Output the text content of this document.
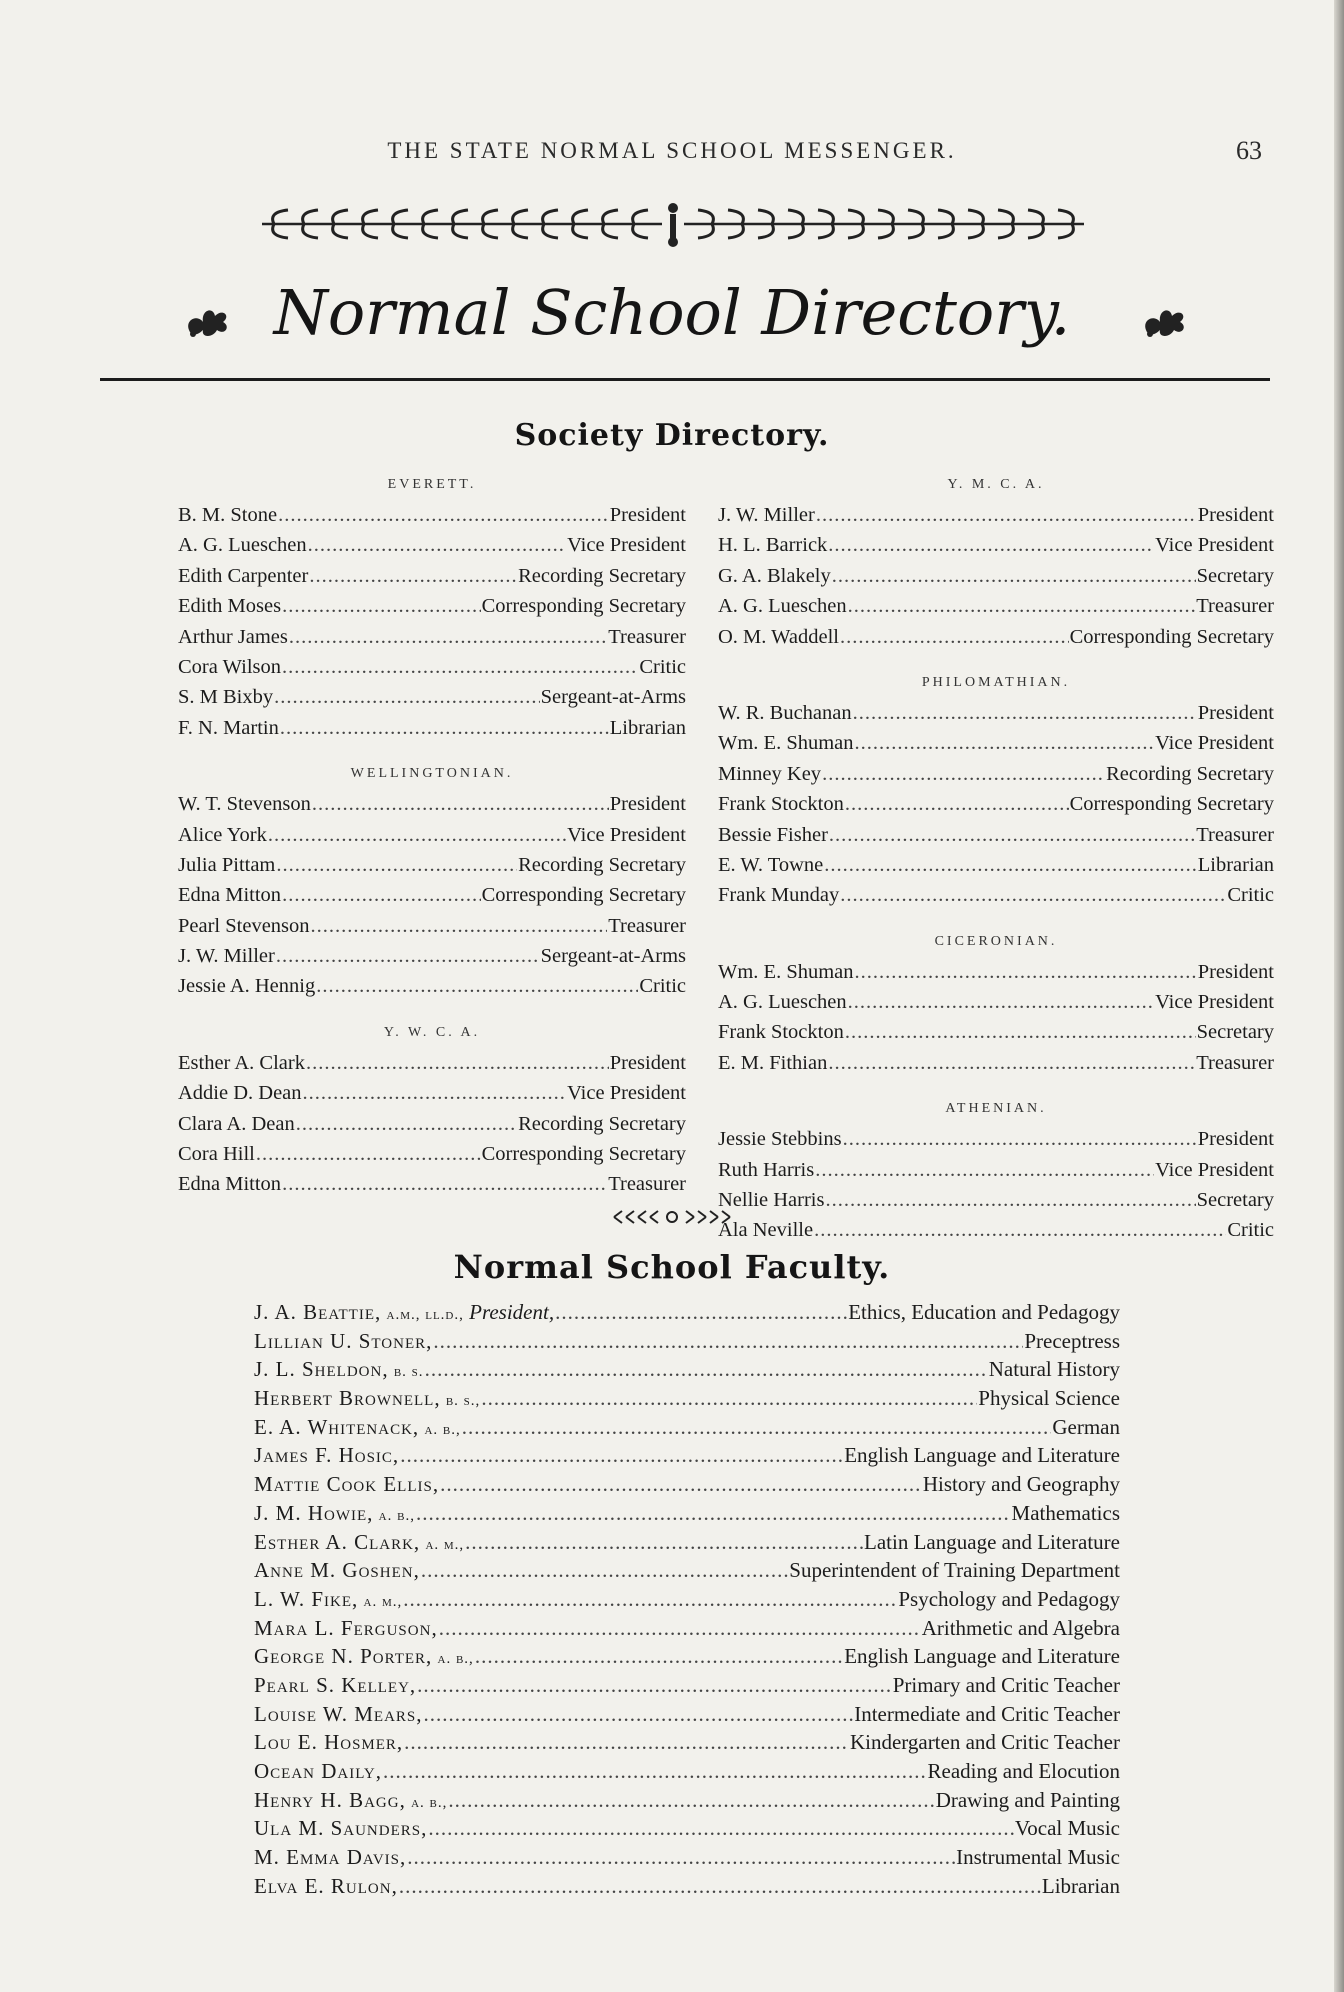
THE STATE NORMAL SCHOOL MESSENGER.	63
Normal School Directory.
Society Directory.
EVERETT.
B. M. Stone .....	President
A. G. Lueschen .....	Vice President
Edith Carpenter .....	Recording Secretary
Edith Moses .....	Corresponding Secretary
Arthur James .....	Treasurer
Cora Wilson .....	Critic
S. M Bixby .....	Sergeant-at-Arms
F. N. Martin .....	Librarian
WELLINGTONIAN.
W. T. Stevenson .....	President
Alice York .....	Vice President
Julia Pittam .....	Recording Secretary
Edna Mitton .....	Corresponding Secretary
Pearl Stevenson .....	Treasurer
J. W. Miller .....	Sergeant-at-Arms
Jessie A. Hennig .....	Critic
Y. W. C. A.
Esther A. Clark .....	President
Addie D. Dean .....	Vice President
Clara A. Dean .....	Recording Secretary
Cora Hill .....	Corresponding Secretary
Edna Mitton .....	Treasurer
Y. M. C. A.
J. W. Miller .....	President
H. L. Barrick .....	Vice President
G. A. Blakely .....	Secretary
A. G. Lueschen .....	Treasurer
O. M. Waddell .....	Corresponding Secretary
PHILOMATHIAN.
W. R. Buchanan .....	President
Wm. E. Shuman .....	Vice President
Minney Key .....	Recording Secretary
Frank Stockton .....	Corresponding Secretary
Bessie Fisher .....	Treasurer
E. W. Towne .....	Librarian
Frank Munday .....	Critic
CICERONIAN.
Wm. E. Shuman .....	President
A. G. Lueschen .....	Vice President
Frank Stockton .....	Secretary
E. M. Fithian .....	Treasurer
ATHENIAN.
Jessie Stebbins .....	President
Ruth Harris .....	Vice President
Nellie Harris .....	Secretary
Ala Neville .....	Critic
Normal School Faculty.
J. A. Beattie, a.m., ll.d., President, .....	Ethics, Education and Pedagogy
Lillian U. Stoner, .....	Preceptress
J. L. Sheldon, b. s. .....	Natural History
Herbert Brownell, b. s., .....	Physical Science
E. A. Whitenack, a. b., .....	German
James F. Hosic, .....	English Language and Literature
Mattie Cook Ellis, .....	History and Geography
J. M. Howie, a. b., .....	Mathematics
Esther A. Clark, a. m., .....	Latin Language and Literature
Anne M. Goshen, .....	Superintendent of Training Department
L. W. Fike, a. m., .....	Psychology and Pedagogy
Mara L. Ferguson, .....	Arithmetic and Algebra
George N. Porter, a. b., .....	English Language and Literature
Pearl S. Kelley, .....	Primary and Critic Teacher
Louise W. Mears, .....	Intermediate and Critic Teacher
Lou E. Hosmer, .....	Kindergarten and Critic Teacher
Ocean Daily, .....	Reading and Elocution
Henry H. Bagg, a. b., .....	Drawing and Painting
Ula M. Saunders, .....	Vocal Music
M. Emma Davis, .....	Instrumental Music
Elva E. Rulon, .....	Librarian
